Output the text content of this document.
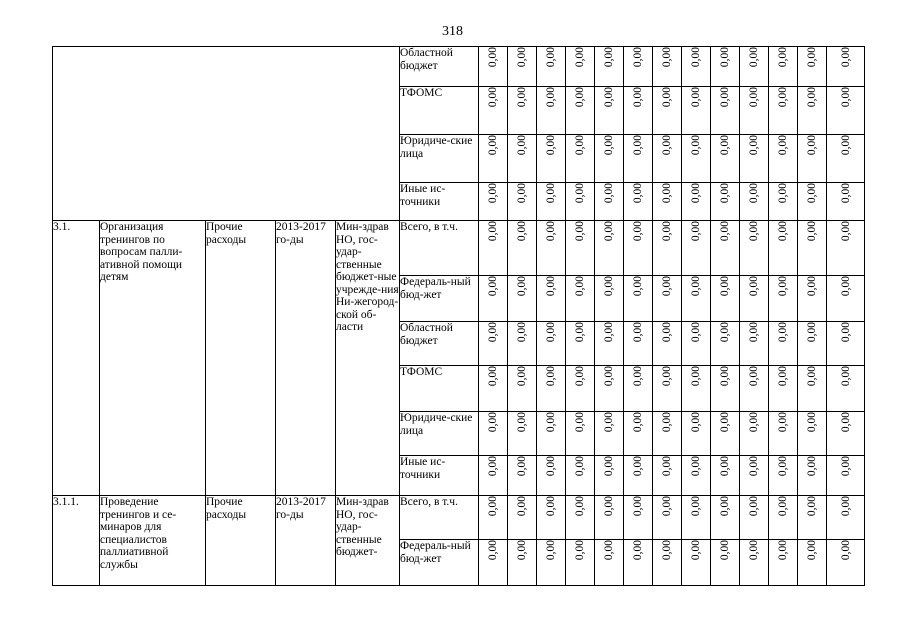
318
					Областной бюджет	0,00	0,00	0,00	0,00	0,00	0,00	0,00	0,00	0,00	0,00	0,00	0,00	0,00
					ТФОМС	0,00	0,00	0,00	0,00	0,00	0,00	0,00	0,00	0,00	0,00	0,00	0,00	0,00
					Юридиче-ские лица	0,00	0,00	0,00	0,00	0,00	0,00	0,00	0,00	0,00	0,00	0,00	0,00	0,00
					Иные ис-точники	0,00	0,00	0,00	0,00	0,00	0,00	0,00	0,00	0,00	0,00	0,00	0,00	0,00
3.1.	Организация тренингов по вопросам палли-ативной помощи детям	Прочие расходы	2013-2017 го-ды	Мин-здрав НО, гос-удар-ственные бюджет-ные учрежде-ния Ни-жегород-ской об-ласти	Всего, в т.ч.	0,00	0,00	0,00	0,00	0,00	0,00	0,00	0,00	0,00	0,00	0,00	0,00	0,00
					Федераль-ный бюд-жет	0,00	0,00	0,00	0,00	0,00	0,00	0,00	0,00	0,00	0,00	0,00	0,00	0,00
					Областной бюджет	0,00	0,00	0,00	0,00	0,00	0,00	0,00	0,00	0,00	0,00	0,00	0,00	0,00
					ТФОМС	0,00	0,00	0,00	0,00	0,00	0,00	0,00	0,00	0,00	0,00	0,00	0,00	0,00
					Юридиче-ские лица	0,00	0,00	0,00	0,00	0,00	0,00	0,00	0,00	0,00	0,00	0,00	0,00	0,00
					Иные ис-точники	0,00	0,00	0,00	0,00	0,00	0,00	0,00	0,00	0,00	0,00	0,00	0,00	0,00
3.1.1.	Проведение тренингов и се-минаров для специалистов паллиативной службы	Прочие расходы	2013-2017 го-ды	Мин-здрав НО, гос-удар-ственные бюджет-	Всего, в т.ч.	0,00	0,00	0,00	0,00	0,00	0,00	0,00	0,00	0,00	0,00	0,00	0,00	0,00
					Федераль-ный бюд-жет	0,00	0,00	0,00	0,00	0,00	0,00	0,00	0,00	0,00	0,00	0,00	0,00	0,00
